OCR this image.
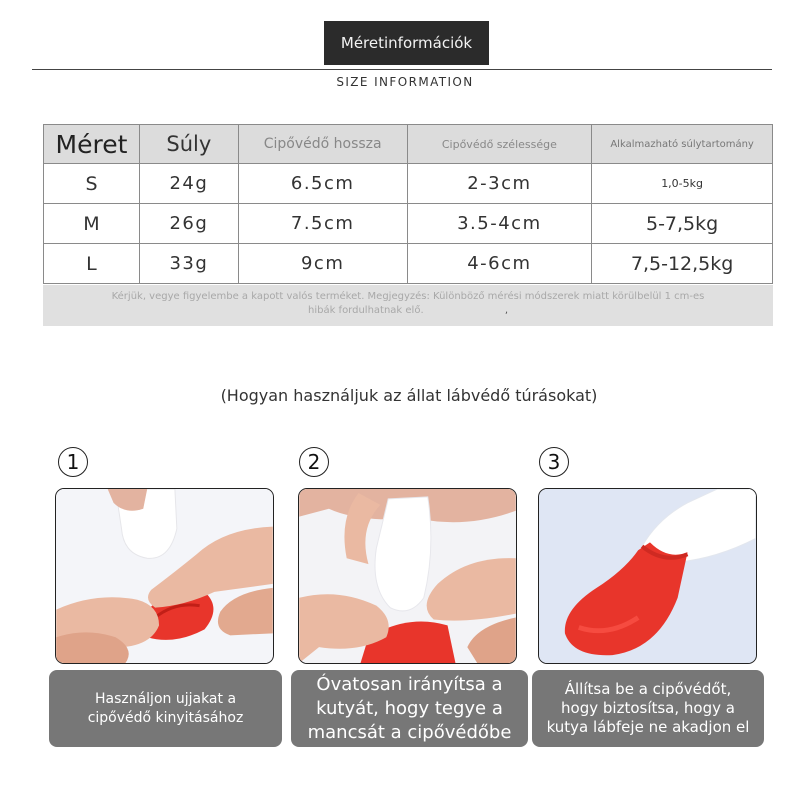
Méretinformációk
SIZE INFORMATION
Méret	Súly	Cipővédő hossza	Cipővédő szélessége	Alkalmazható súlytartomány
S	24g	6.5cm	2-3cm	1,0-5kg
M	26g	7.5cm	3.5-4cm	5-7,5kg
L	33g	9cm	4-6cm	7,5-12,5kg
Kérjük, vegye figyelembe a kapott valós terméket. Megjegyzés: Különböző mérési módszerek miatt körülbelül 1 cm-es
hibák fordulhatnak elő.	,
(Hogyan használjuk az állat lábvédő túrásokat)
1
Használjon ujjakat a
cipővédő kinyitásához
2
Óvatosan irányítsa a
kutyát, hogy tegye a
mancsát a cipővédőbe
3
Állítsa be a cipővédőt,
hogy biztosítsa, hogy a
kutya lábfeje ne akadjon el
